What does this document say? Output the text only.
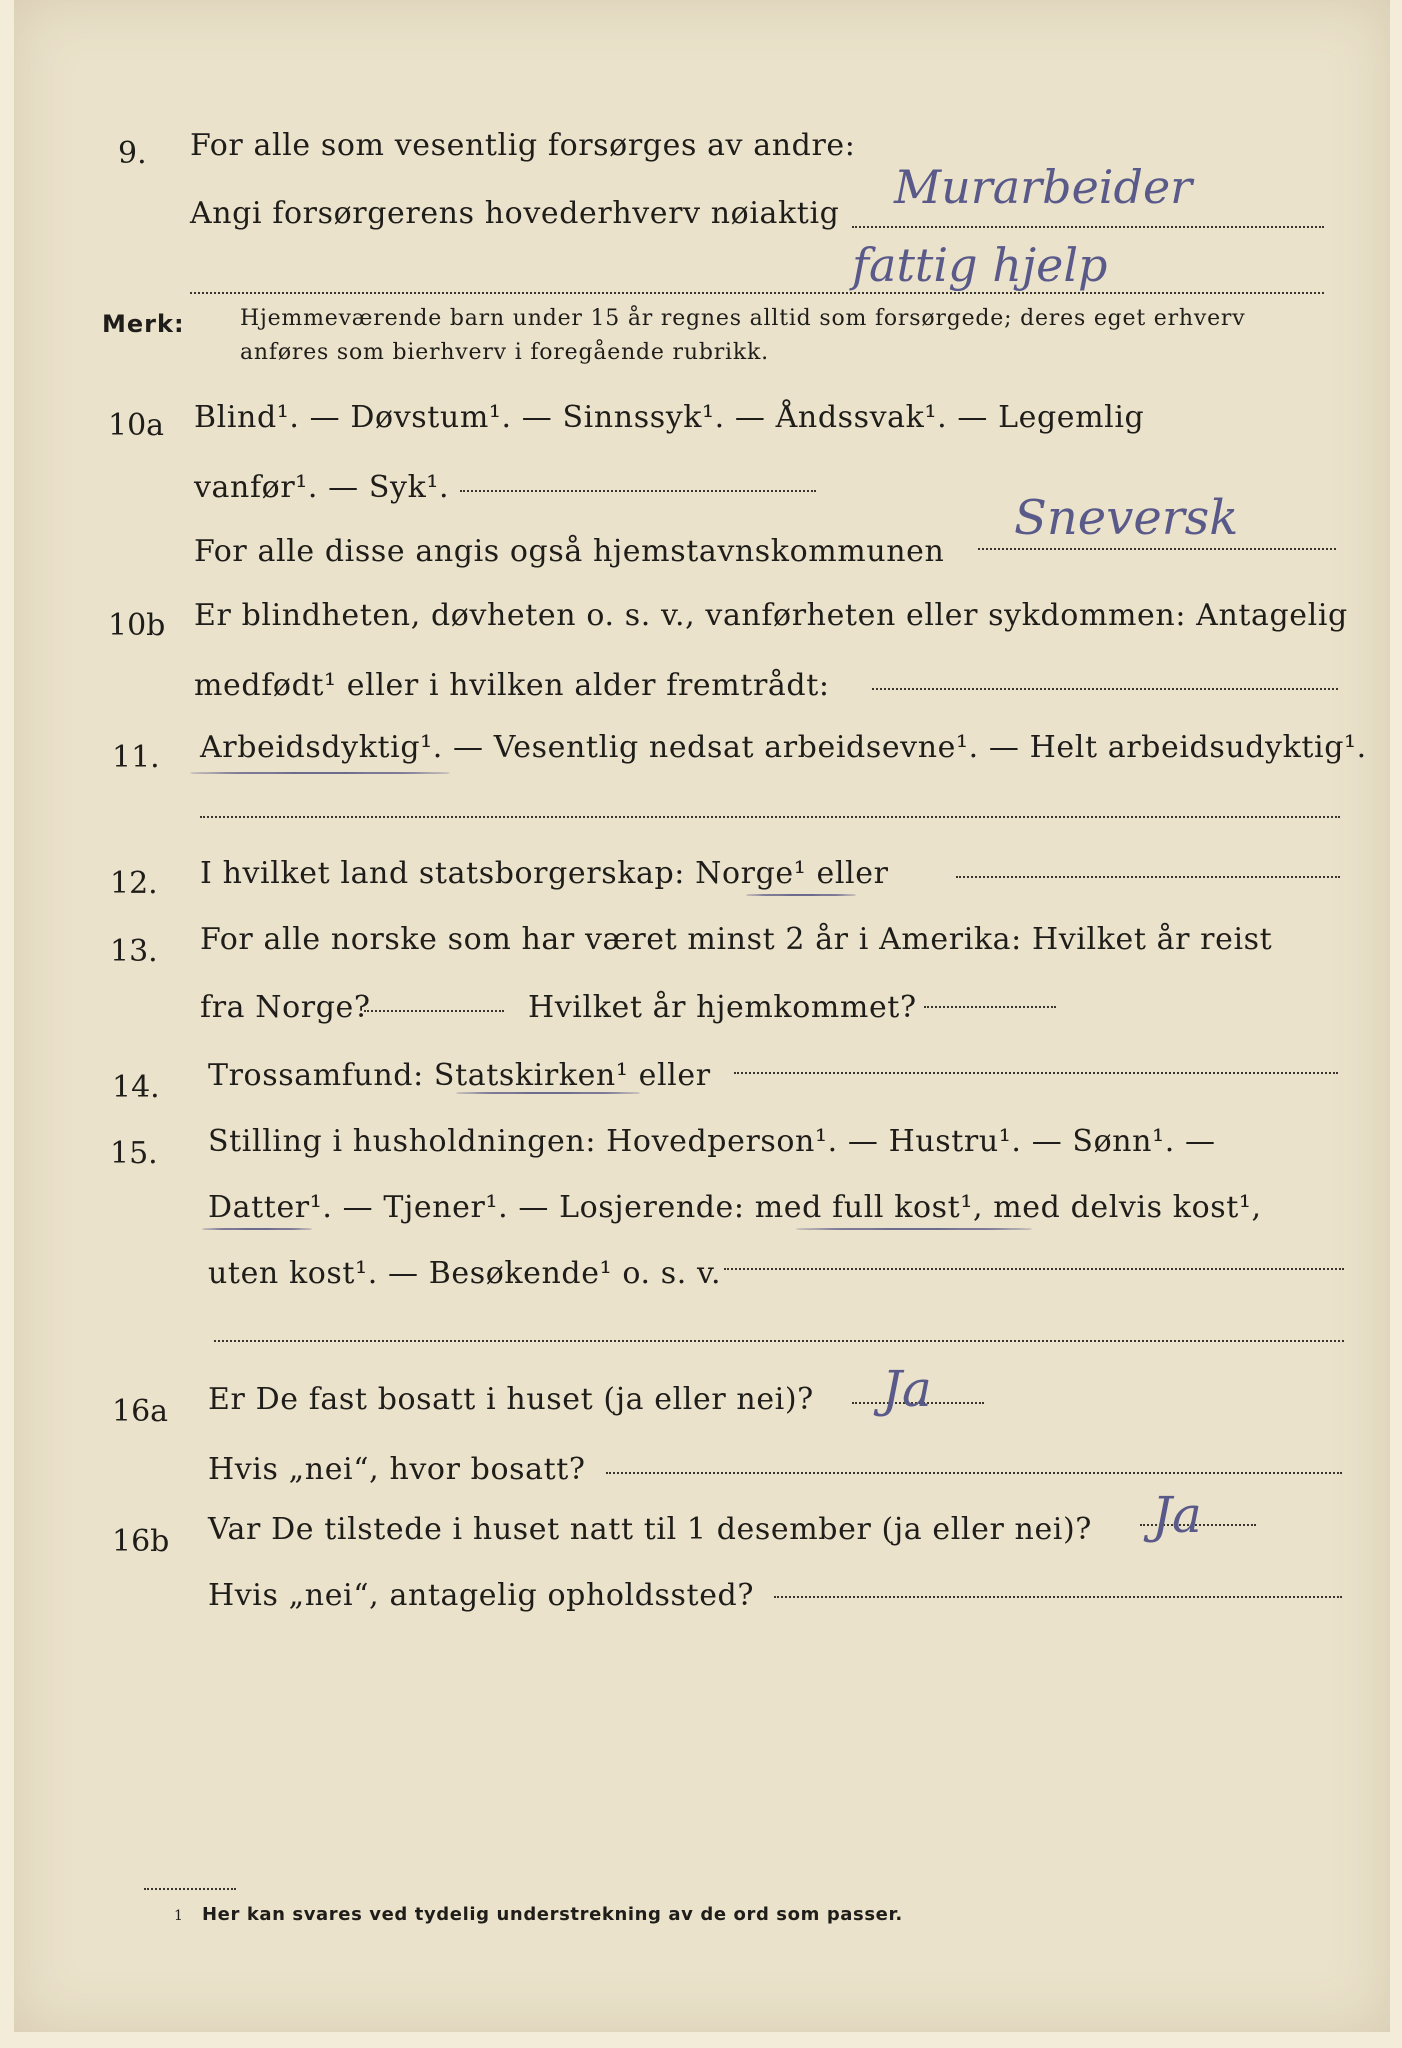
9. For alle som vesentlig forsørges av andre:
Angi forsørgerens hovederhverv nøiaktig Murarbeider
fattig hjelp
Merk:	Hjemmeværende barn under 15 år regnes alltid som forsørgede; deres eget erhverv
anføres som bierhverv i foregående rubrikk.
10a Blind¹. — Døvstum¹. — Sinnssyk¹. — Åndssvak¹. — Legemlig
vanfør¹. — Syk¹.
For alle disse angis også hjemstavnskommunen
Sneversk
10b Er blindheten, døvheten o. s. v., vanførheten eller sykdommen: Antagelig
medfødt¹ eller i hvilken alder fremtrådt:
11. Arbeidsdyktig¹. — Vesentlig nedsat arbeidsevne¹. — Helt arbeidsudyktig¹.
12. I hvilket land statsborgerskap: Norge¹ eller
13. For alle norske som har været minst 2 år i Amerika: Hvilket år reist
fra Norge?	Hvilket år hjemkommet?
14. Trossamfund: Statskirken¹ eller
15. Stilling i husholdningen: Hovedperson¹. — Hustru¹. — Sønn¹. —
Datter¹. — Tjener¹. — Losjerende: med full kost¹, med delvis kost¹,
uten kost¹. — Besøkende¹ o. s. v.
16a Er De fast bosatt i huset (ja eller nei)? Ja
Hvis „nei“, hvor bosatt?
16b Var De tilstede i huset natt til 1 desember (ja eller nei)? Ja
Hvis „nei“, antagelig opholdssted?
1 Her kan svares ved tydelig understrekning av de ord som passer.
